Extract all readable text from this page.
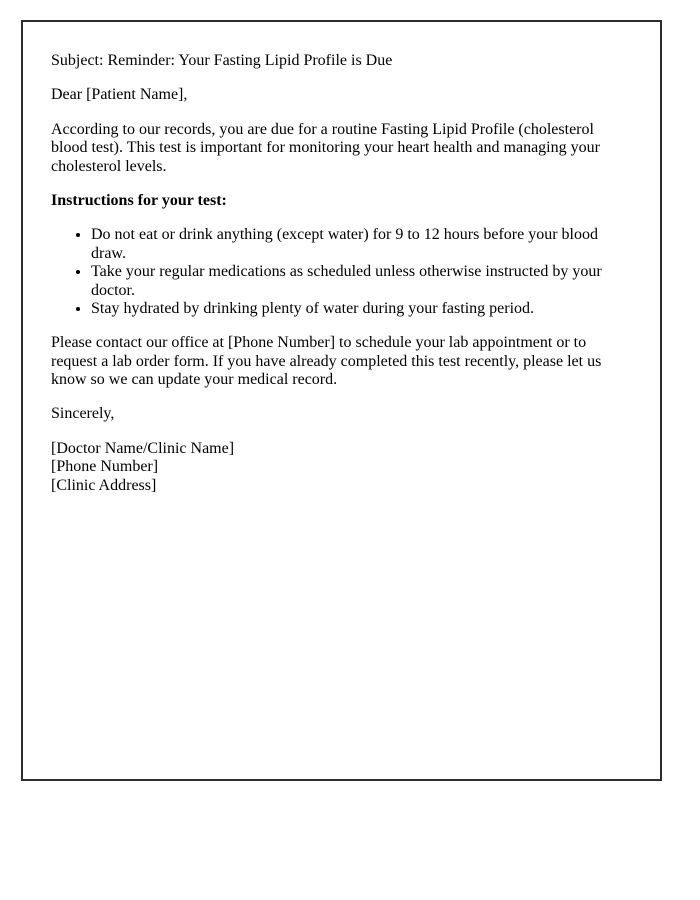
Subject: Reminder: Your Fasting Lipid Profile is Due

Dear [Patient Name],

According to our records, you are due for a routine Fasting Lipid Profile (cholesterol blood test). This test is important for monitoring your heart health and managing your cholesterol levels.

Instructions for your test:

• Do not eat or drink anything (except water) for 9 to 12 hours before your blood draw.
• Take your regular medications as scheduled unless otherwise instructed by your doctor.
• Stay hydrated by drinking plenty of water during your fasting period.

Please contact our office at [Phone Number] to schedule your lab appointment or to request a lab order form. If you have already completed this test recently, please let us know so we can update your medical record.

Sincerely,

[Doctor Name/Clinic Name]
[Phone Number]
[Clinic Address]
